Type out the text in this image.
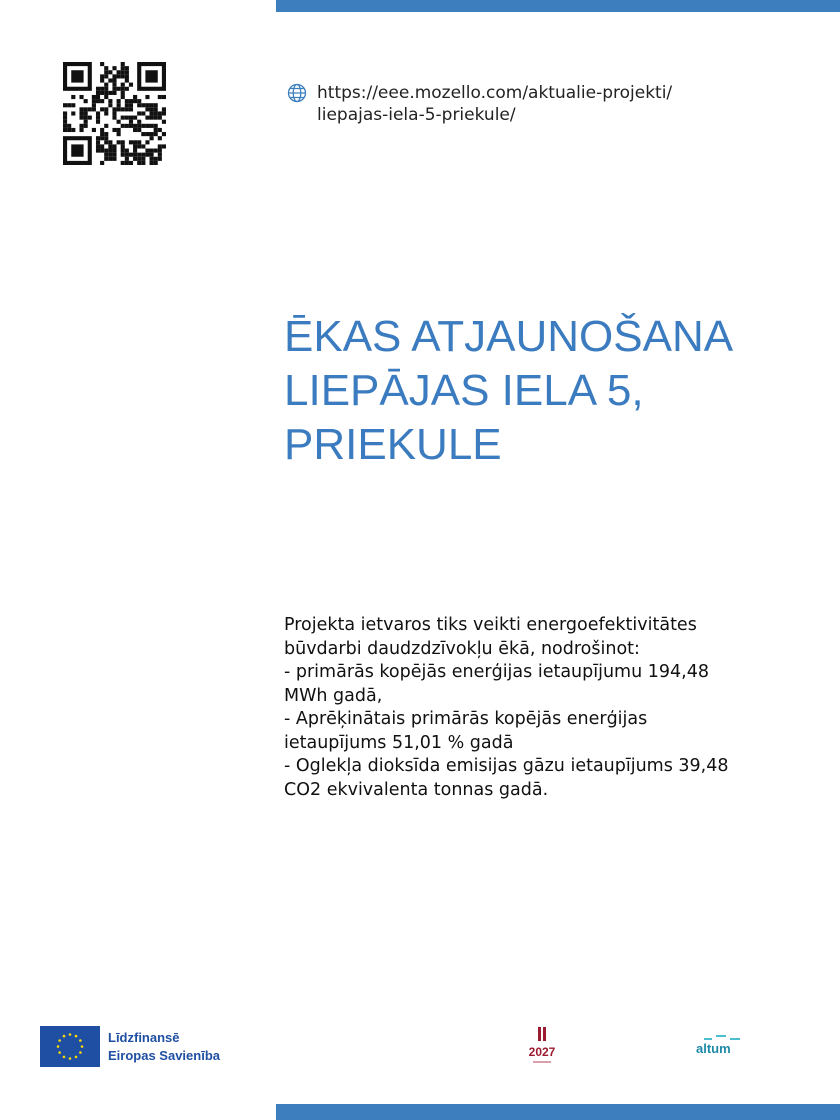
https://eee.mozello.com/aktualie-projekti/
liepajas-iela-5-priekule/
ĒKAS ATJAUNOŠANA
LIEPĀJAS IELA 5,
PRIEKULE
Projekta ietvaros tiks veikti energoefektivitātes
būvdarbi daudzdzīvokļu ēkā, nodrošinot:
- primārās kopējās enerģijas ietaupījumu 194,48
MWh gadā,
- Aprēķinātais primārās kopējās enerģijas
ietaupījums 51,01 % gadā
- Oglekļa dioksīda emisijas gāzu ietaupījums 39,48
CO2 ekvivalenta tonnas gadā.
Līdzfinansē
Eiropas Savienība	2027	altum
